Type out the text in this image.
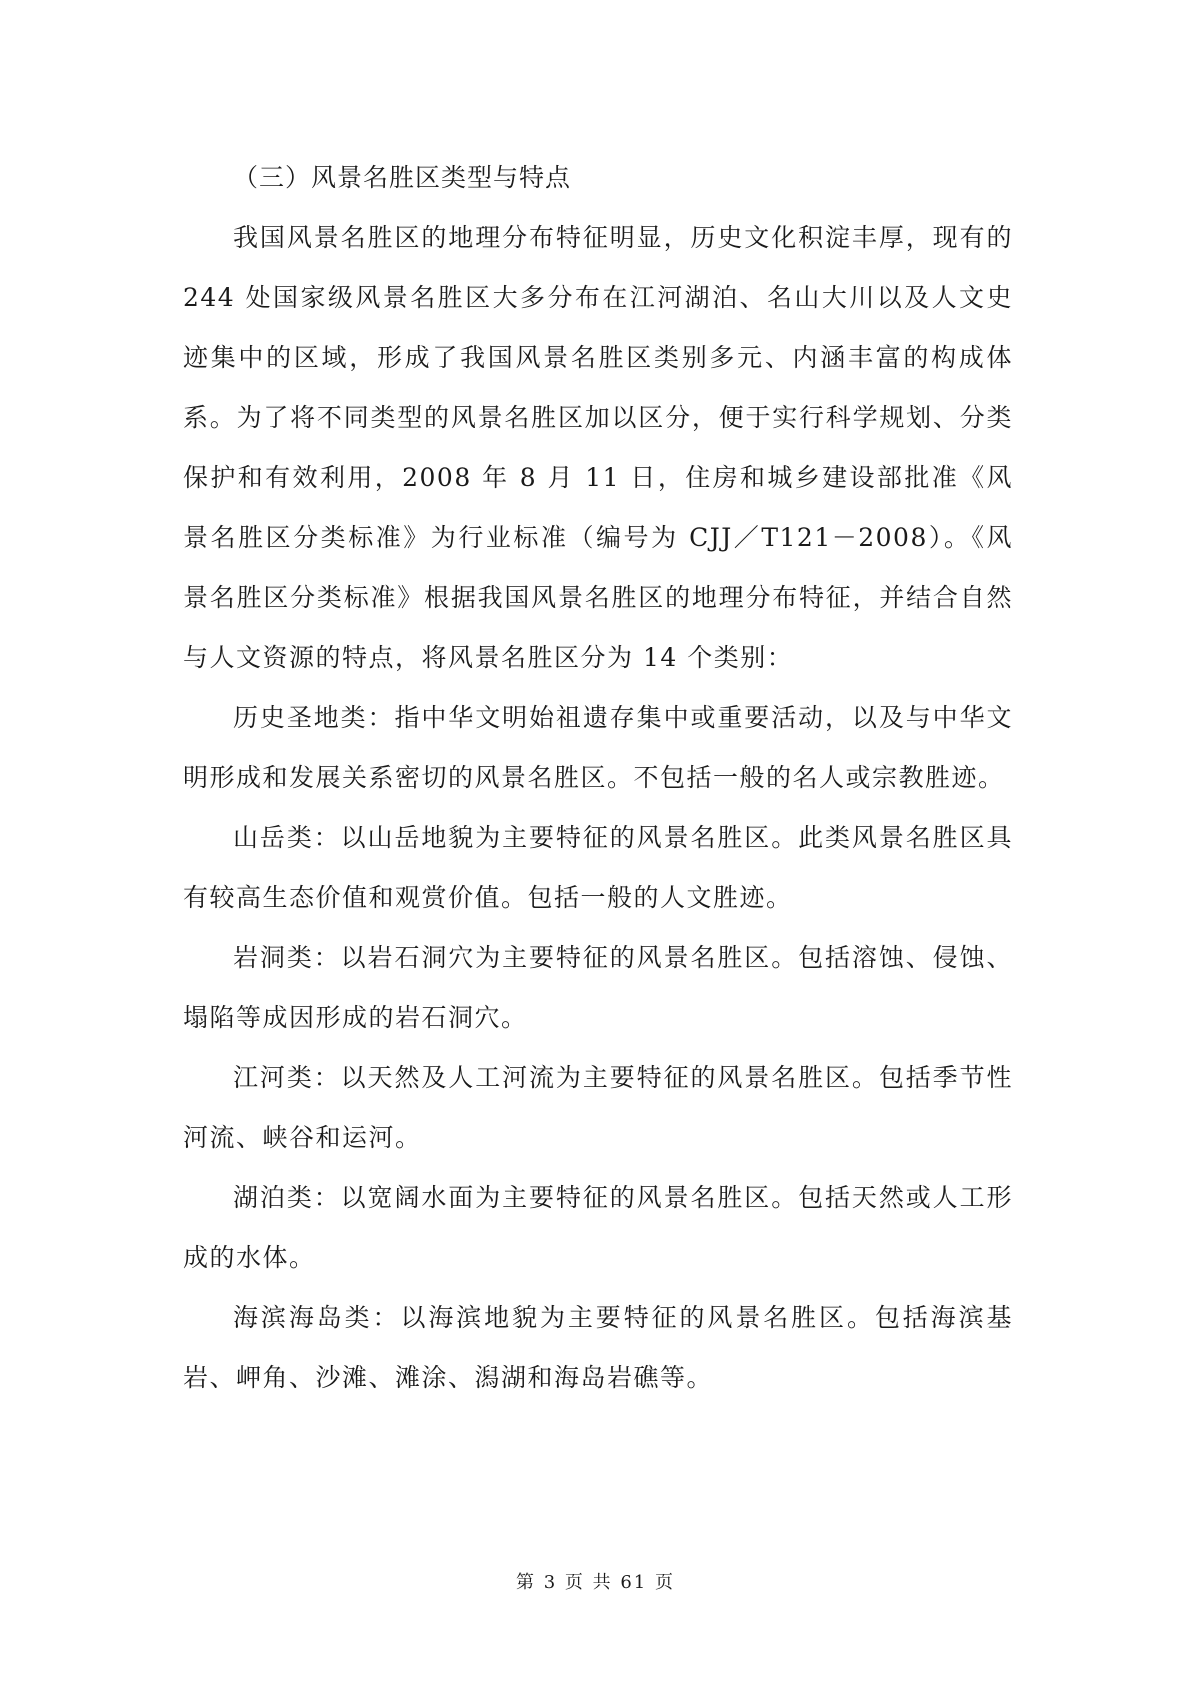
（三）风景名胜区类型与特点

我国风景名胜区的地理分布特征明显，历史文化积淀丰厚，现有的 244 处国家级风景名胜区大多分布在江河湖泊、名山大川以及人文史迹集中的区域，形成了我国风景名胜区类别多元、内涵丰富的构成体系。为了将不同类型的风景名胜区加以区分，便于实行科学规划、分类保护和有效利用，2008 年 8 月 11 日，住房和城乡建设部批准《风景名胜区分类标准》为行业标准（编号为 CJJ／T121－2008）。《风景名胜区分类标准》根据我国风景名胜区的地理分布特征，并结合自然与人文资源的特点，将风景名胜区分为 14 个类别：

历史圣地类：指中华文明始祖遗存集中或重要活动，以及与中华文明形成和发展关系密切的风景名胜区。不包括一般的名人或宗教胜迹。

山岳类：以山岳地貌为主要特征的风景名胜区。此类风景名胜区具有较高生态价值和观赏价值。包括一般的人文胜迹。

岩洞类：以岩石洞穴为主要特征的风景名胜区。包括溶蚀、侵蚀、塌陷等成因形成的岩石洞穴。

江河类：以天然及人工河流为主要特征的风景名胜区。包括季节性河流、峡谷和运河。

湖泊类：以宽阔水面为主要特征的风景名胜区。包括天然或人工形成的水体。

海滨海岛类：以海滨地貌为主要特征的风景名胜区。包括海滨基岩、岬角、沙滩、滩涂、潟湖和海岛岩礁等。

第 3 页 共 61 页
